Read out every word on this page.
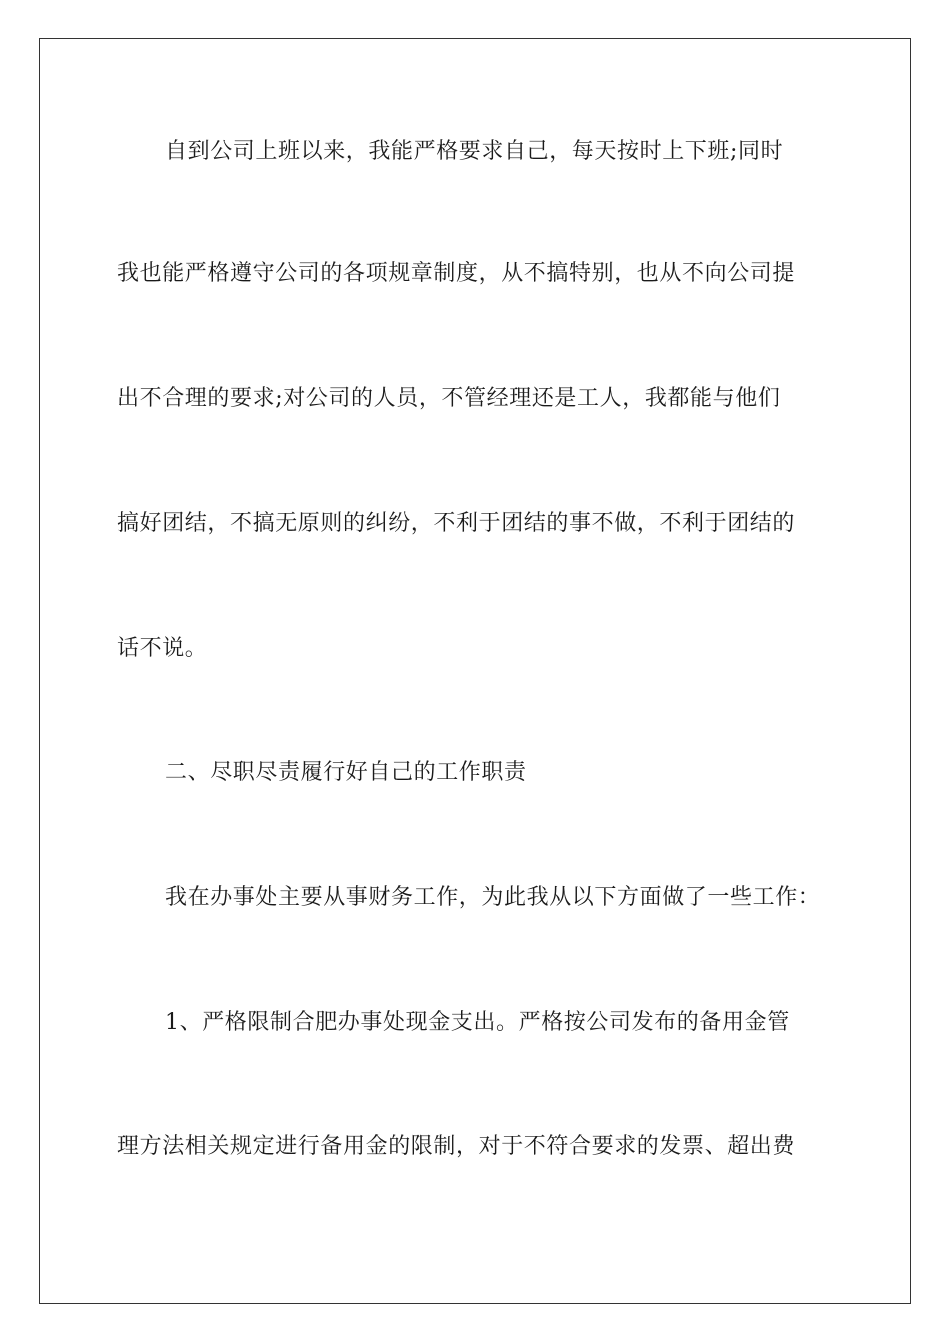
自到公司上班以来，我能严格要求自己，每天按时上下班;同时
我也能严格遵守公司的各项规章制度，从不搞特别，也从不向公司提
出不合理的要求;对公司的人员，不管经理还是工人，我都能与他们
搞好团结，不搞无原则的纠纷，不利于团结的事不做，不利于团结的
话不说。
二、尽职尽责履行好自己的工作职责
我在办事处主要从事财务工作，为此我从以下方面做了一些工作：
1、严格限制合肥办事处现金支出。严格按公司发布的备用金管
理方法相关规定进行备用金的限制，对于不符合要求的发票、超出费
